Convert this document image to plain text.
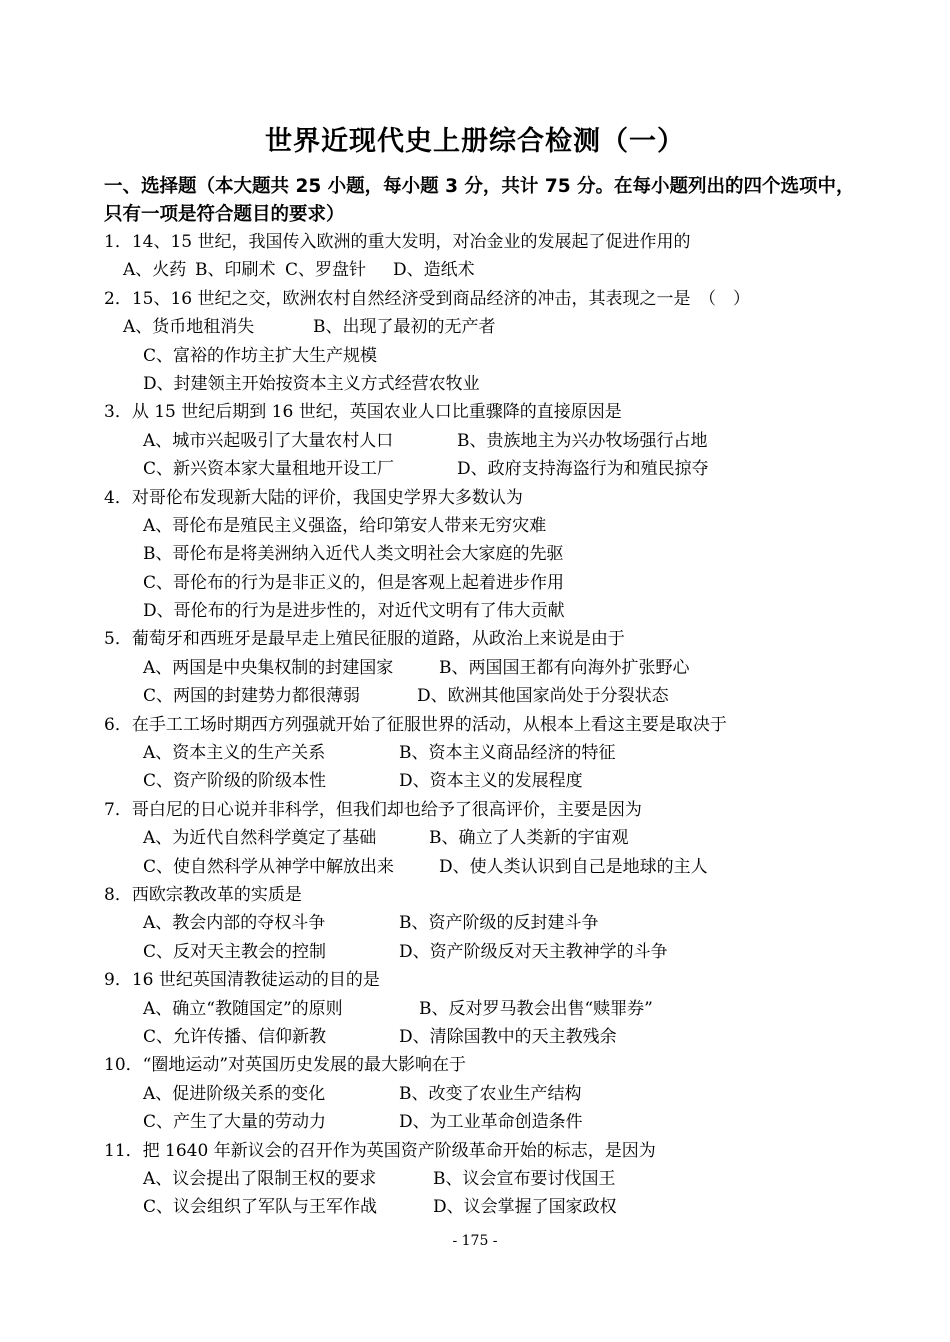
世界近现代史上册综合检测（一）
一、选择题（本大题共 25 小题，每小题 3 分，共计 75 分。在每小题列出的四个选项中，只有一项是符合题目的要求）
1．14、15 世纪，我国传入欧洲的重大发明，对冶金业的发展起了促进作用的
A、火药 B、印刷术 C、罗盘针 D、造纸术
2．15、16 世纪之交，欧洲农村自然经济受到商品经济的冲击，其表现之一是　（　）
A、货币地租消失	B、出现了最初的无产者
C、富裕的作坊主扩大生产规模
D、封建领主开始按资本主义方式经营农牧业
3．从 15 世纪后期到 16 世纪，英国农业人口比重骤降的直接原因是
A、城市兴起吸引了大量农村人口	B、贵族地主为兴办牧场强行占地
C、新兴资本家大量租地开设工厂	D、政府支持海盗行为和殖民掠夺
4．对哥伦布发现新大陆的评价，我国史学界大多数认为
A、哥伦布是殖民主义强盗，给印第安人带来无穷灾难
B、哥伦布是将美洲纳入近代人类文明社会大家庭的先驱
C、哥伦布的行为是非正义的，但是客观上起着进步作用
D、哥伦布的行为是进步性的，对近代文明有了伟大贡献
5．葡萄牙和西班牙是最早走上殖民征服的道路，从政治上来说是由于
A、两国是中央集权制的封建国家	B、两国国王都有向海外扩张野心
C、两国的封建势力都很薄弱	D、欧洲其他国家尚处于分裂状态
6．在手工工场时期西方列强就开始了征服世界的活动，从根本上看这主要是取决于
A、资本主义的生产关系	B、资本主义商品经济的特征
C、资产阶级的阶级本性	D、资本主义的发展程度
7．哥白尼的日心说并非科学，但我们却也给予了很高评价，主要是因为
A、为近代自然科学奠定了基础	B、确立了人类新的宇宙观
C、使自然科学从神学中解放出来	D、使人类认识到自己是地球的主人
8．西欧宗教改革的实质是
A、教会内部的夺权斗争	B、资产阶级的反封建斗争
C、反对天主教会的控制	D、资产阶级反对天主教神学的斗争
9．16 世纪英国清教徒运动的目的是
A、确立“教随国定”的原则	B、反对罗马教会出售“赎罪券”
C、允许传播、信仰新教	D、清除国教中的天主教残余
10．“圈地运动”对英国历史发展的最大影响在于
A、促进阶级关系的变化	B、改变了农业生产结构
C、产生了大量的劳动力	D、为工业革命创造条件
11．把 1640 年新议会的召开作为英国资产阶级革命开始的标志，是因为
A、议会提出了限制王权的要求	B、议会宣布要讨伐国王
C、议会组织了军队与王军作战	D、议会掌握了国家政权
- 175 -
